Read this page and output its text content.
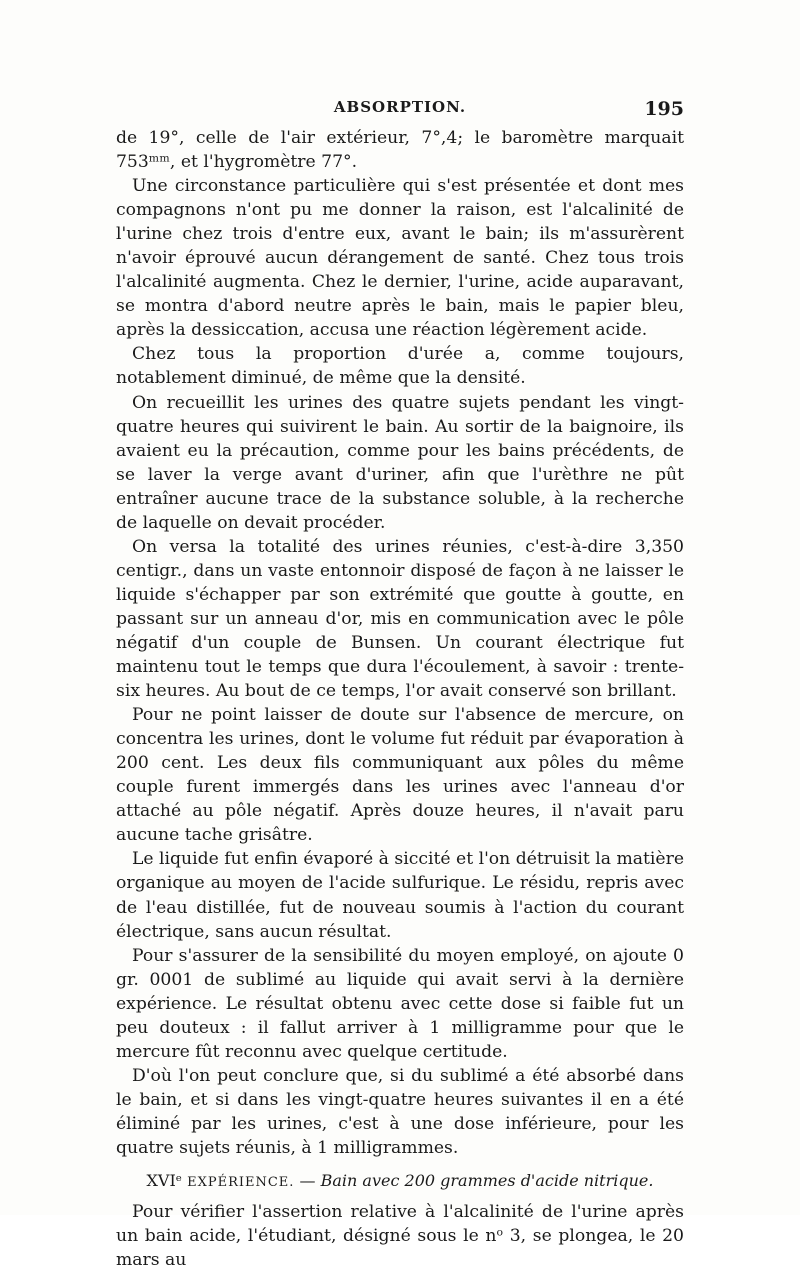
ABSORPTION.	195

de 19°, celle de l'air extérieur, 7°,4; le baromètre marquait 753ᵐᵐ, et l'hygromètre 77°.

Une circonstance particulière qui s'est présentée et dont mes compagnons n'ont pu me donner la raison, est l'alcalinité de l'urine chez trois d'entre eux, avant le bain; ils m'assurèrent n'avoir éprouvé aucun dérangement de santé. Chez tous trois l'alcalinité augmenta. Chez le dernier, l'urine, acide auparavant, se montra d'abord neutre après le bain, mais le papier bleu, après la dessiccation, accusa une réaction légèrement acide.

Chez tous la proportion d'urée a, comme toujours, notablement diminué, de même que la densité.

On recueillit les urines des quatre sujets pendant les vingt-quatre heures qui suivirent le bain. Au sortir de la baignoire, ils avaient eu la précaution, comme pour les bains précédents, de se laver la verge avant d'uriner, afin que l'urèthre ne pût entraîner aucune trace de la substance soluble, à la recherche de laquelle on devait procéder.

On versa la totalité des urines réunies, c'est-à-dire 3,350 centigr., dans un vaste entonnoir disposé de façon à ne laisser le liquide s'échapper par son extrémité que goutte à goutte, en passant sur un anneau d'or, mis en communication avec le pôle négatif d'un couple de Bunsen. Un courant électrique fut maintenu tout le temps que dura l'écoulement, à savoir : trente-six heures. Au bout de ce temps, l'or avait conservé son brillant.

Pour ne point laisser de doute sur l'absence de mercure, on concentra les urines, dont le volume fut réduit par évaporation à 200 cent. Les deux fils communiquant aux pôles du même couple furent immergés dans les urines avec l'anneau d'or attaché au pôle négatif. Après douze heures, il n'avait paru aucune tache grisâtre.

Le liquide fut enfin évaporé à siccité et l'on détruisit la matière organique au moyen de l'acide sulfurique. Le résidu, repris avec de l'eau distillée, fut de nouveau soumis à l'action du courant électrique, sans aucun résultat.

Pour s'assurer de la sensibilité du moyen employé, on ajoute 0 gr. 0001 de sublimé au liquide qui avait servi à la dernière expérience. Le résultat obtenu avec cette dose si faible fut un peu douteux : il fallut arriver à 1 milligramme pour que le mercure fût reconnu avec quelque certitude.

D'où l'on peut conclure que, si du sublimé a été absorbé dans le bain, et si dans les vingt-quatre heures suivantes il en a été éliminé par les urines, c'est à une dose inférieure, pour les quatre sujets réunis, à 1 milligrammes.

XVIᵉ EXPÉRIENCE. — Bain avec 200 grammes d'acide nitrique.

Pour vérifier l'assertion relative à l'alcalinité de l'urine après un bain acide, l'étudiant, désigné sous le nᵒ 3, se plongea, le 20 mars au
